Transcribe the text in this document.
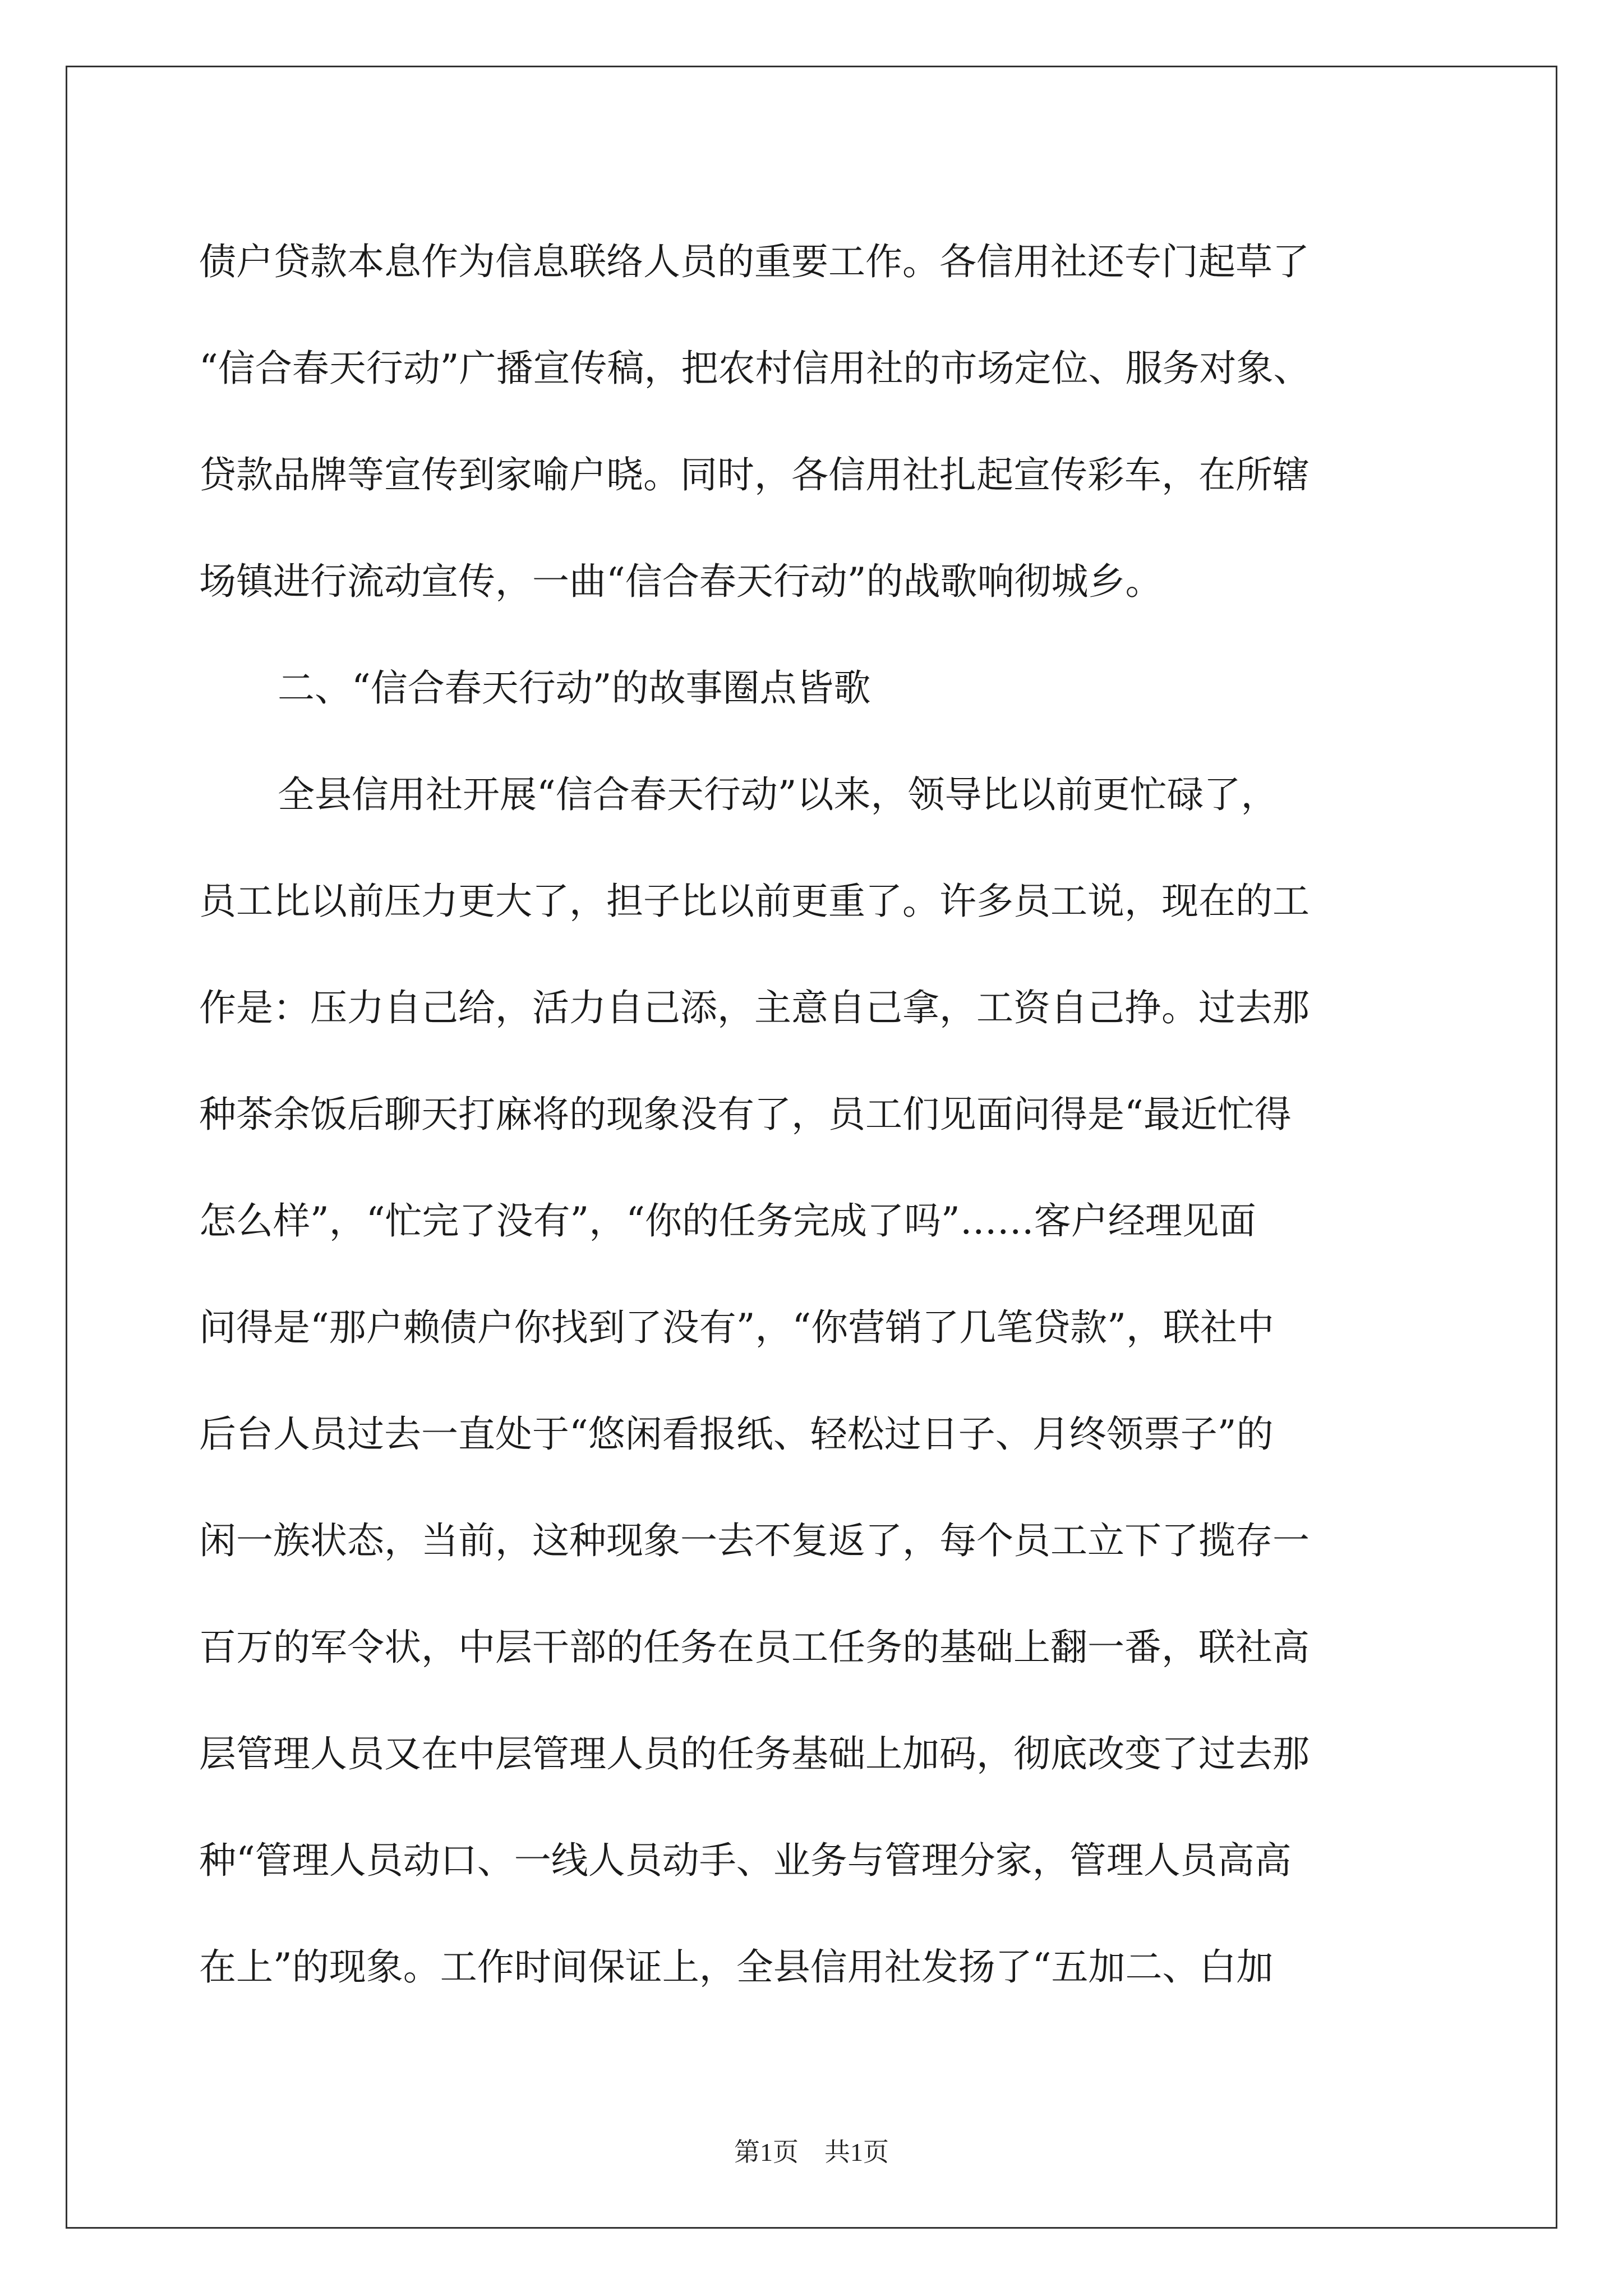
债户贷款本息作为信息联络人员的重要工作。各信用社还专门起草了
“信合春天行动”广播宣传稿，把农村信用社的市场定位、服务对象、
贷款品牌等宣传到家喻户晓。同时，各信用社扎起宣传彩车，在所辖
场镇进行流动宣传，一曲“信合春天行动”的战歌响彻城乡。
二、“信合春天行动”的故事圈点皆歌
全县信用社开展“信合春天行动”以来，领导比以前更忙碌了，
员工比以前压力更大了，担子比以前更重了。许多员工说，现在的工
作是：压力自己给，活力自己添，主意自己拿，工资自己挣。过去那
种茶余饭后聊天打麻将的现象没有了，员工们见面问得是“最近忙得
怎么样”，“忙完了没有”，“你的任务完成了吗”……客户经理见面
问得是“那户赖债户你找到了没有”，“你营销了几笔贷款”，联社中
后台人员过去一直处于“悠闲看报纸、轻松过日子、月终领票子”的
闲一族状态，当前，这种现象一去不复返了，每个员工立下了揽存一
百万的军令状，中层干部的任务在员工任务的基础上翻一番，联社高
层管理人员又在中层管理人员的任务基础上加码，彻底改变了过去那
种“管理人员动口、一线人员动手、业务与管理分家，管理人员高高
在上”的现象。工作时间保证上，全县信用社发扬了“五加二、白加
第1页　共1页
